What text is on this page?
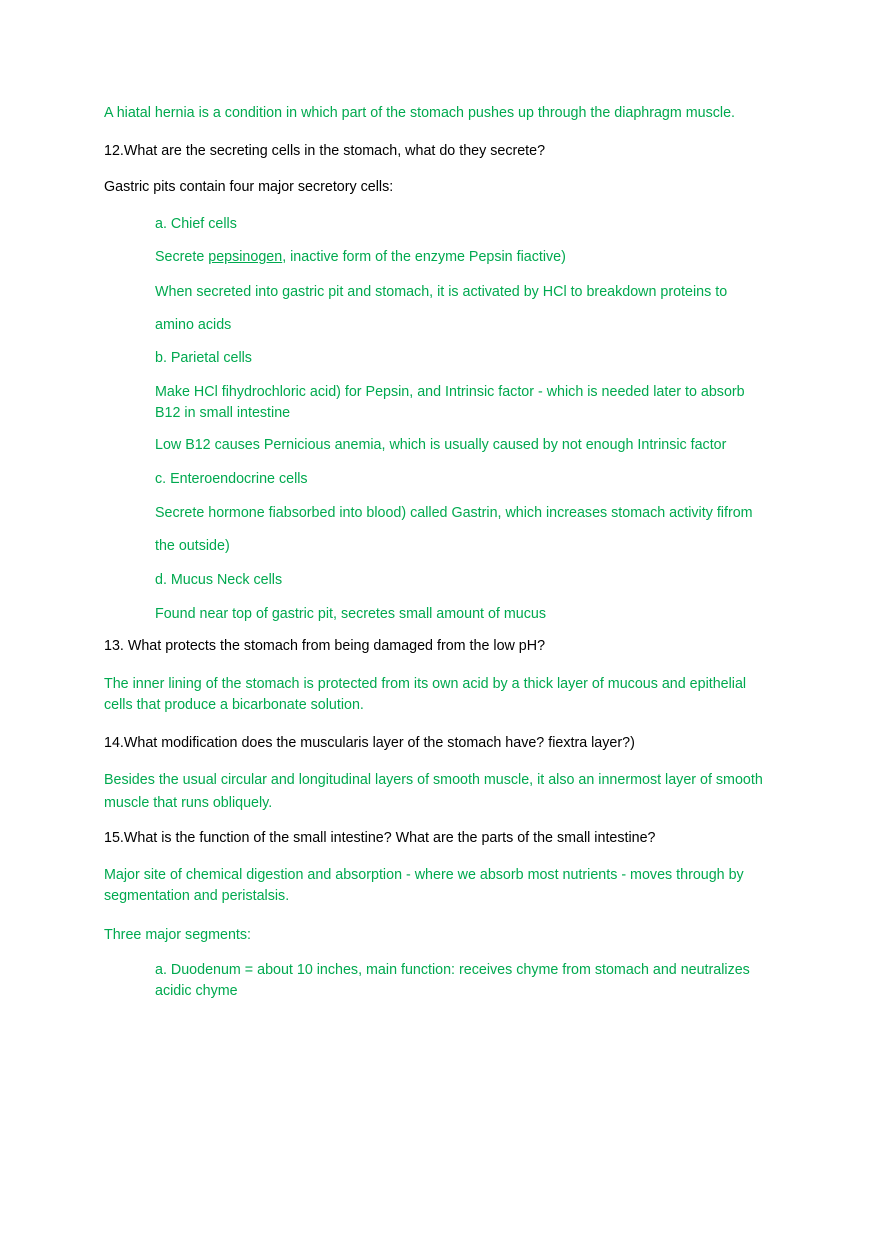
A hiatal hernia is a condition in which part of the stomach pushes up through the diaphragm muscle.

12.What are the secreting cells in the stomach, what do they secrete?

Gastric pits contain four major secretory cells:

a. Chief cells

Secrete pepsinogen, inactive form of the enzyme Pepsin fiactive)

When secreted into gastric pit and stomach, it is activated by HCl to breakdown proteins to

amino acids

b. Parietal cells

Make HCl fihydrochloric acid) for Pepsin, and Intrinsic factor - which is needed later to absorb B12 in small intestine

Low B12 causes Pernicious anemia, which is usually caused by not enough Intrinsic factor

c. Enteroendocrine cells

Secrete hormone fiabsorbed into blood) called Gastrin, which increases stomach activity fifrom

the outside)

d. Mucus Neck cells

Found near top of gastric pit, secretes small amount of mucus

13. What protects the stomach from being damaged from the low pH?

The inner lining of the stomach is protected from its own acid by a thick layer of mucous and epithelial cells that produce a bicarbonate solution.

14.What modification does the muscularis layer of the stomach have? fiextra layer?)

Besides the usual circular and longitudinal layers of smooth muscle, it also an innermost layer of smooth muscle that runs obliquely.

15.What is the function of the small intestine? What are the parts of the small intestine?

Major site of chemical digestion and absorption - where we absorb most nutrients - moves through by segmentation and peristalsis.

Three major segments:

a. Duodenum = about 10 inches, main function: receives chyme from stomach and neutralizes acidic chyme
